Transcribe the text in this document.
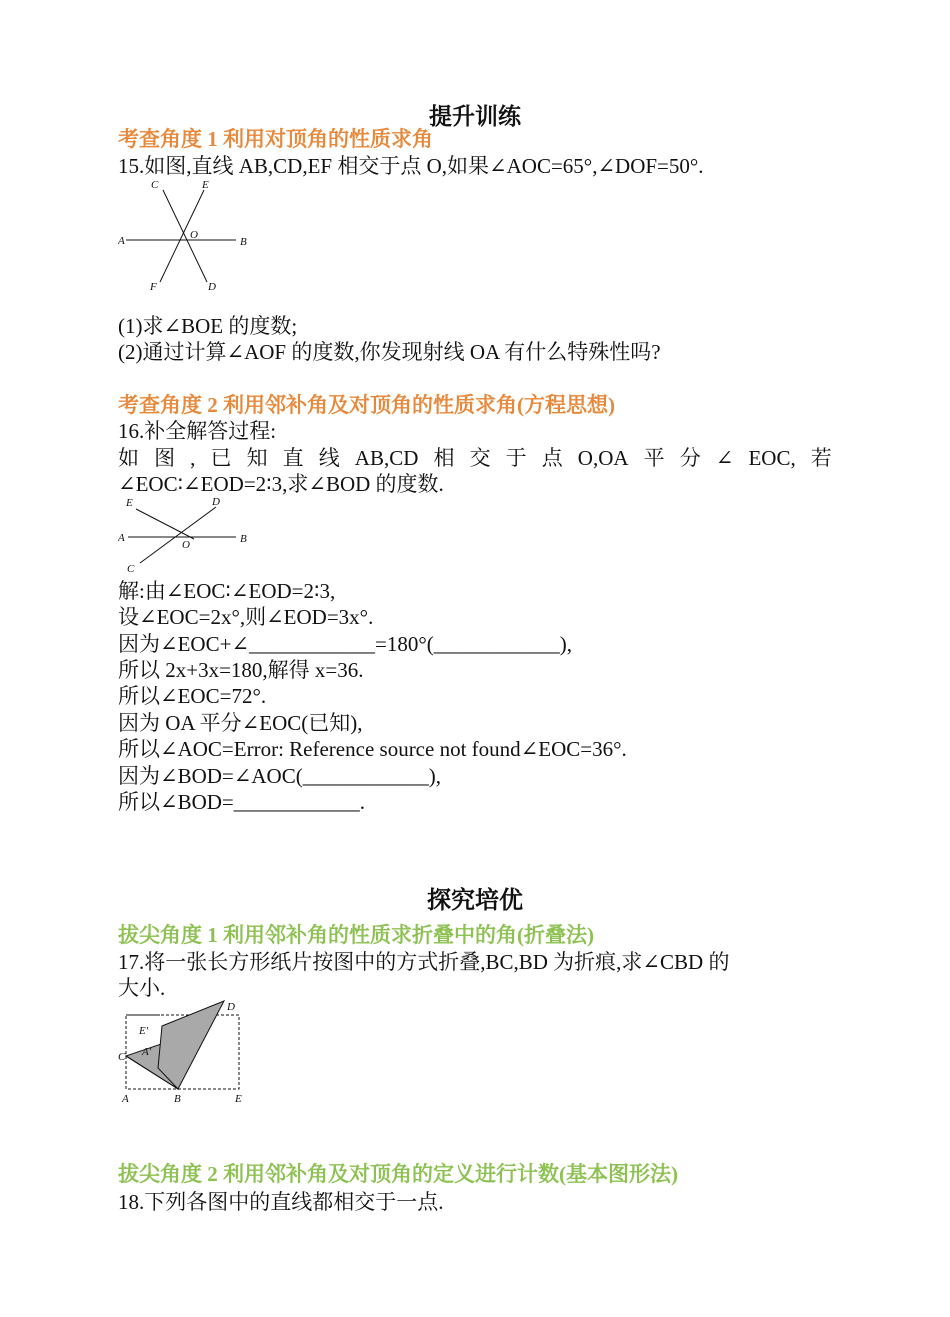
提升训练
考查角度 1 利用对顶角的性质求角
15.如图,直线 AB,CD,EF 相交于点 O,如果∠AOC=65°,∠DOF=50°.
C	E
A	O
B
F	D
(1)求∠BOE 的度数;
(2)通过计算∠AOF 的度数,你发现射线 OA 有什么特殊性吗?
考查角度 2 利用邻补角及对顶角的性质求角(方程思想)
16.补全解答过程:
如 图 , 已 知 直 线 AB,CD 相 交 于 点 O,OA 平 分 ∠ EOC, 若
∠EOC∶∠EOD=2∶3,求∠BOD 的度数.
E	D
A
O	B
C
解:由∠EOC∶∠EOD=2∶3,
设∠EOC=2x°,则∠EOD=3x°.
因为∠EOC+∠____________=180°(____________),
所以 2x+3x=180,解得 x=36.
所以∠EOC=72°.
因为 OA 平分∠EOC(已知),
所以∠AOC=Error: Reference source not found∠EOC=36°.
因为∠BOD=∠AOC(____________),
所以∠BOD=____________.
探究培优
拔尖角度 1 利用邻补角的性质求折叠中的角(折叠法)
17.将一张长方形纸片按图中的方式折叠,BC,BD 为折痕,求∠CBD 的
大小.
D
E′
A′
C
A	B	E
拔尖角度 2 利用邻补角及对顶角的定义进行计数(基本图形法)
18.下列各图中的直线都相交于一点.
